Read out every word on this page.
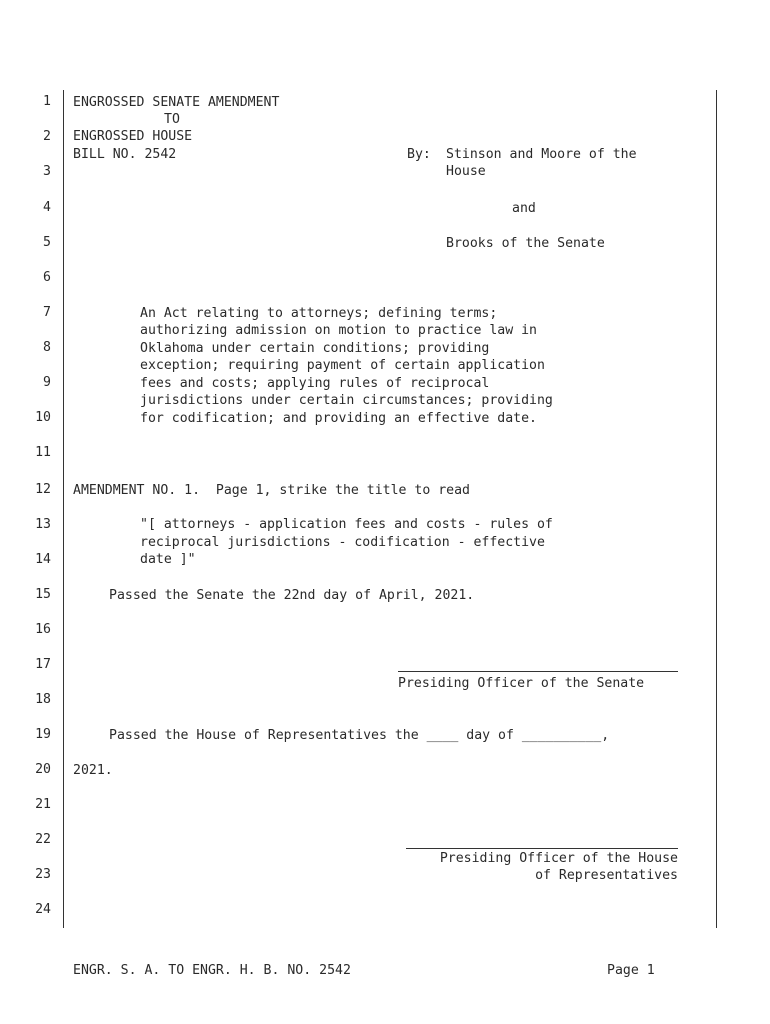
1
2
3
4
5
6
7
8
9
10
11
12
13
14
15
16
17
18
19
20
21
22
23
24
ENGROSSED SENATE AMENDMENT
TO
ENGROSSED HOUSE
BILL NO. 2542	By: Stinson and Moore of the
House
and
Brooks of the Senate
An Act relating to attorneys; defining terms;
authorizing admission on motion to practice law in
Oklahoma under certain conditions; providing
exception; requiring payment of certain application
fees and costs; applying rules of reciprocal
jurisdictions under certain circumstances; providing
for codification; and providing an effective date.
AMENDMENT NO. 1.  Page 1, strike the title to read
"[ attorneys - application fees and costs - rules of
reciprocal jurisdictions - codification - effective
date ]"
Passed the Senate the 22nd day of April, 2021.
Presiding Officer of the Senate
Passed the House of Representatives the ____ day of __________,
2021.
Presiding Officer of the House
of Representatives
ENGR. S. A. TO ENGR. H. B. NO. 2542	Page 1
